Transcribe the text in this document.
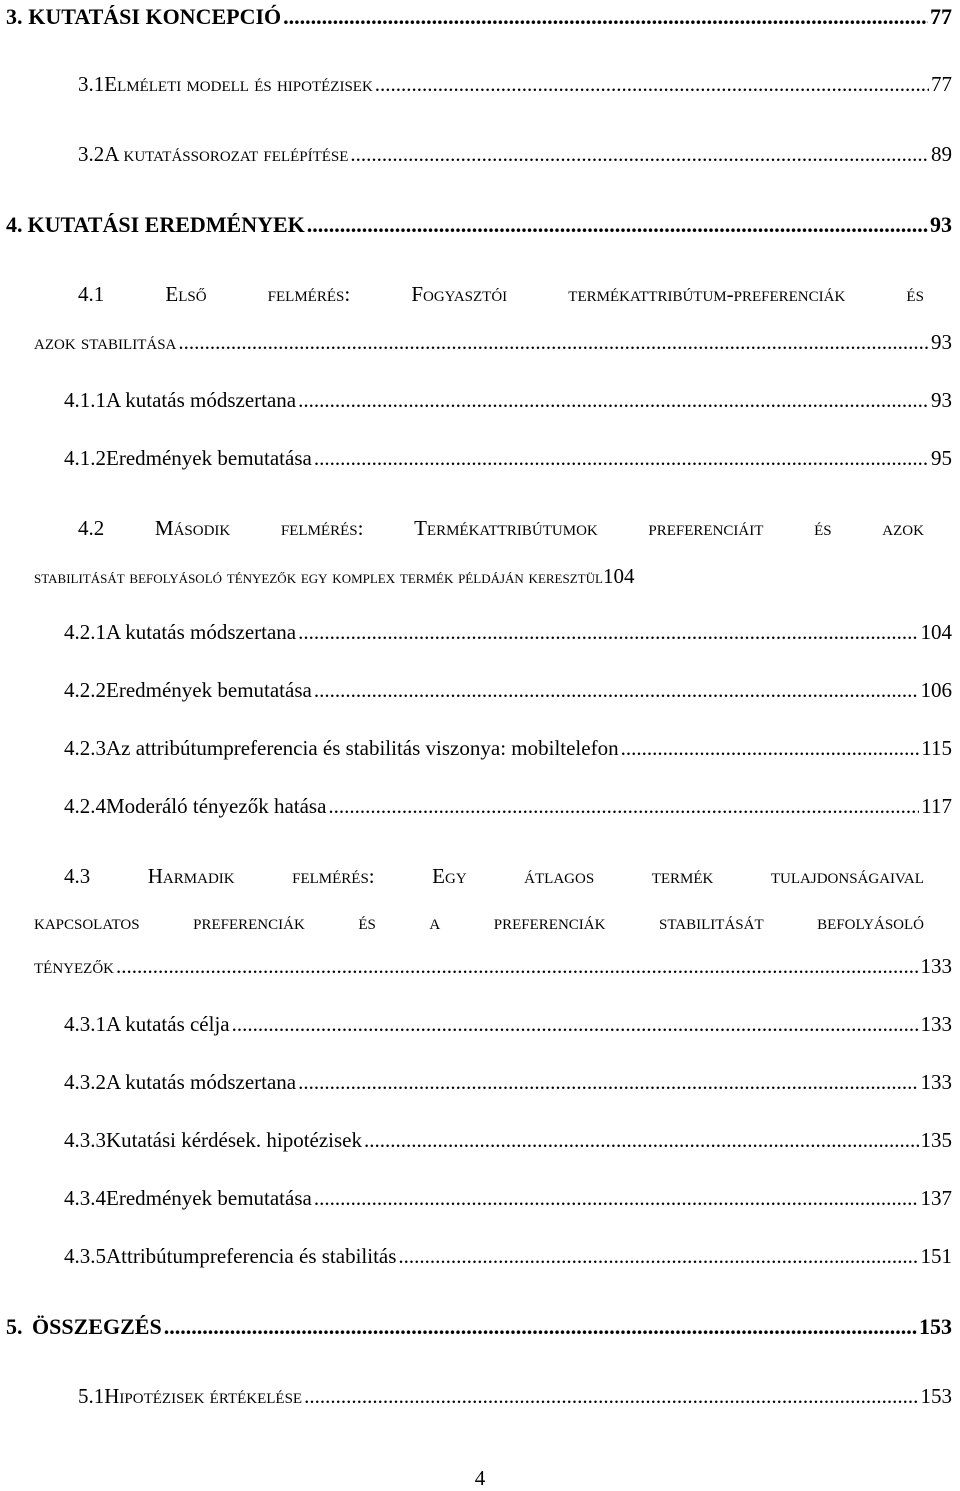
3. KUTATÁSI KONCEPCIÓ .....	77
3.1 Elméleti modell és hipotézisek .....	77
3.2 A kutatássorozat felépítése .....	89
4. KUTATÁSI EREDMÉNYEK .....	93
4.1	Első	felmérés:	Fogyasztói	termékattribútum-preferenciák	és
azok stabilitása .....	93
4.1.1 A kutatás módszertana .....	93
4.1.2 Eredmények bemutatása .....	95
4.2 Második felmérés: Termékattribútumok preferenciáit és azok
stabilitását befolyásoló tényezők egy komplex termék példáján keresztül 104
4.2.1 A kutatás módszertana .....	104
4.2.2 Eredmények bemutatása .....	106
4.2.3 Az attribútumpreferencia és stabilitás viszonya: mobiltelefon .....	115
4.2.4 Moderáló tényezők hatása .....	117
4.3	Harmadik	felmérés:	Egy	átlagos	termék	tulajdonságaival
kapcsolatos	preferenciák	és	a	preferenciák	stabilitását	befolyásoló
tényezők .....	133
4.3.1 A kutatás célja .....	133
4.3.2 A kutatás módszertana .....	133
4.3.3 Kutatási kérdések. hipotézisek .....	135
4.3.4 Eredmények bemutatása .....	137
4.3.5 Attribútumpreferencia és stabilitás .....	151
5. ÖSSZEGZÉS .....	153
5.1 Hipotézisek értékelése .....	153
4
